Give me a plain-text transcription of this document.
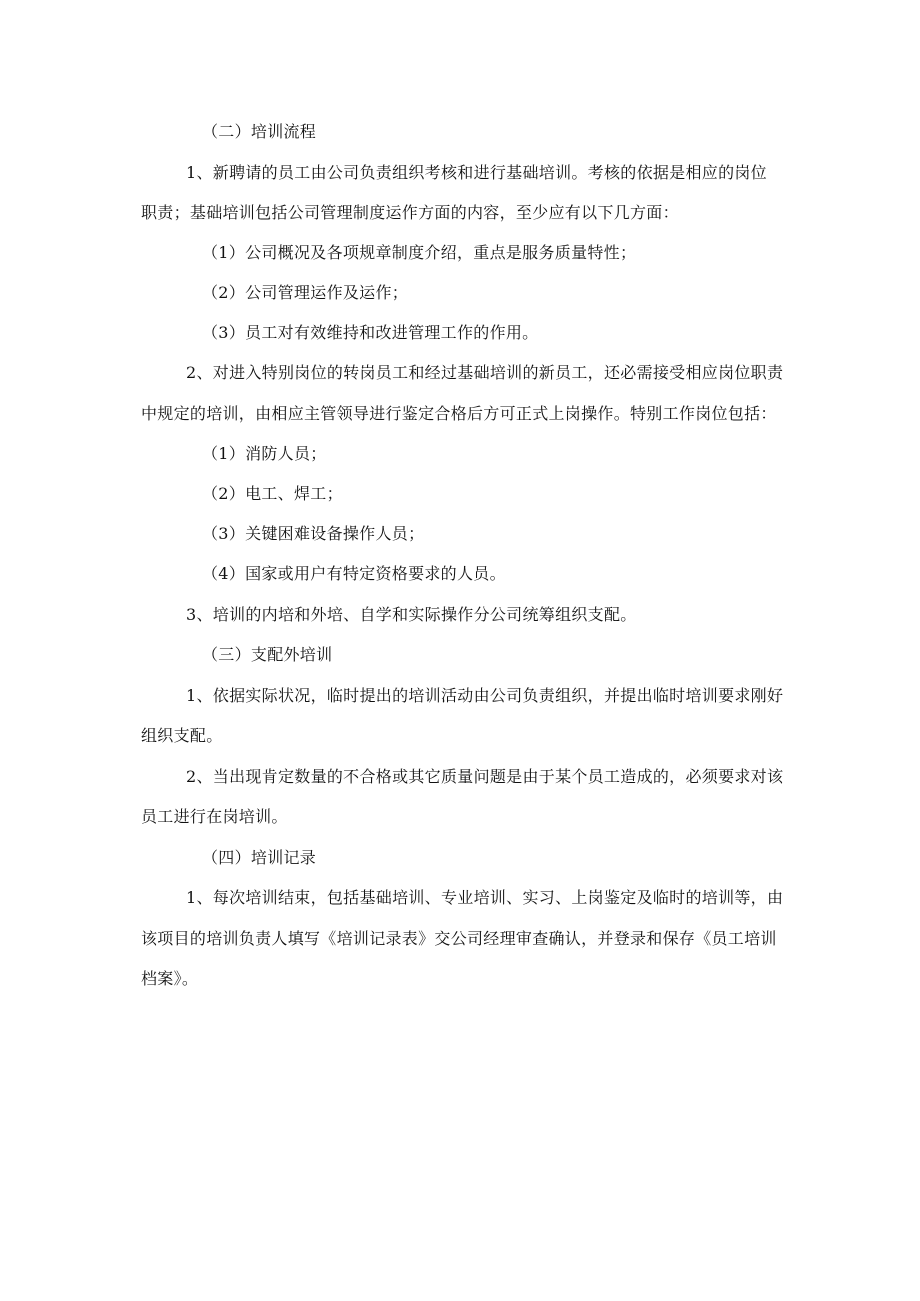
（二）培训流程
1、新聘请的员工由公司负责组织考核和进行基础培训。考核的依据是相应的岗位
职责；基础培训包括公司管理制度运作方面的内容，至少应有以下几方面：
（1）公司概况及各项规章制度介绍，重点是服务质量特性；
（2）公司管理运作及运作；
（3）员工对有效维持和改进管理工作的作用。
2、对进入特别岗位的转岗员工和经过基础培训的新员工，还必需接受相应岗位职责
中规定的培训，由相应主管领导进行鉴定合格后方可正式上岗操作。特别工作岗位包括：
（1）消防人员；
（2）电工、焊工；
（3）关键困难设备操作人员；
（4）国家或用户有特定资格要求的人员。
3、培训的内培和外培、自学和实际操作分公司统筹组织支配。
（三）支配外培训
1、依据实际状况，临时提出的培训活动由公司负责组织，并提出临时培训要求刚好
组织支配。
2、当出现肯定数量的不合格或其它质量问题是由于某个员工造成的，必须要求对该
员工进行在岗培训。
（四）培训记录
1、每次培训结束，包括基础培训、专业培训、实习、上岗鉴定及临时的培训等，由
该项目的培训负责人填写《培训记录表》交公司经理审查确认，并登录和保存《员工培训
档案》。
